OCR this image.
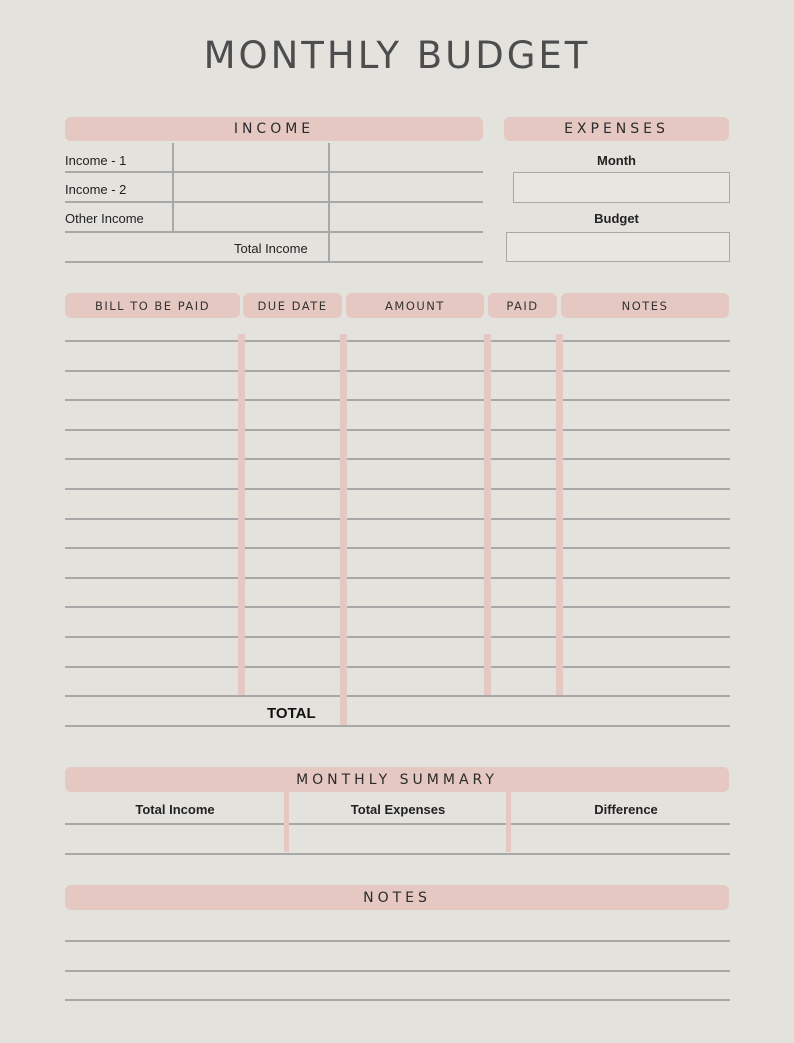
MONTHLY BUDGET
INCOME
Income - 1
Income - 2
Other Income
Total Income
EXPENSES
Month
Budget
BILL TO BE PAID	DUE DATE	AMOUNT	PAID	NOTES
TOTAL
MONTHLY SUMMARY
Total Income	Total Expenses	Difference
NOTES
